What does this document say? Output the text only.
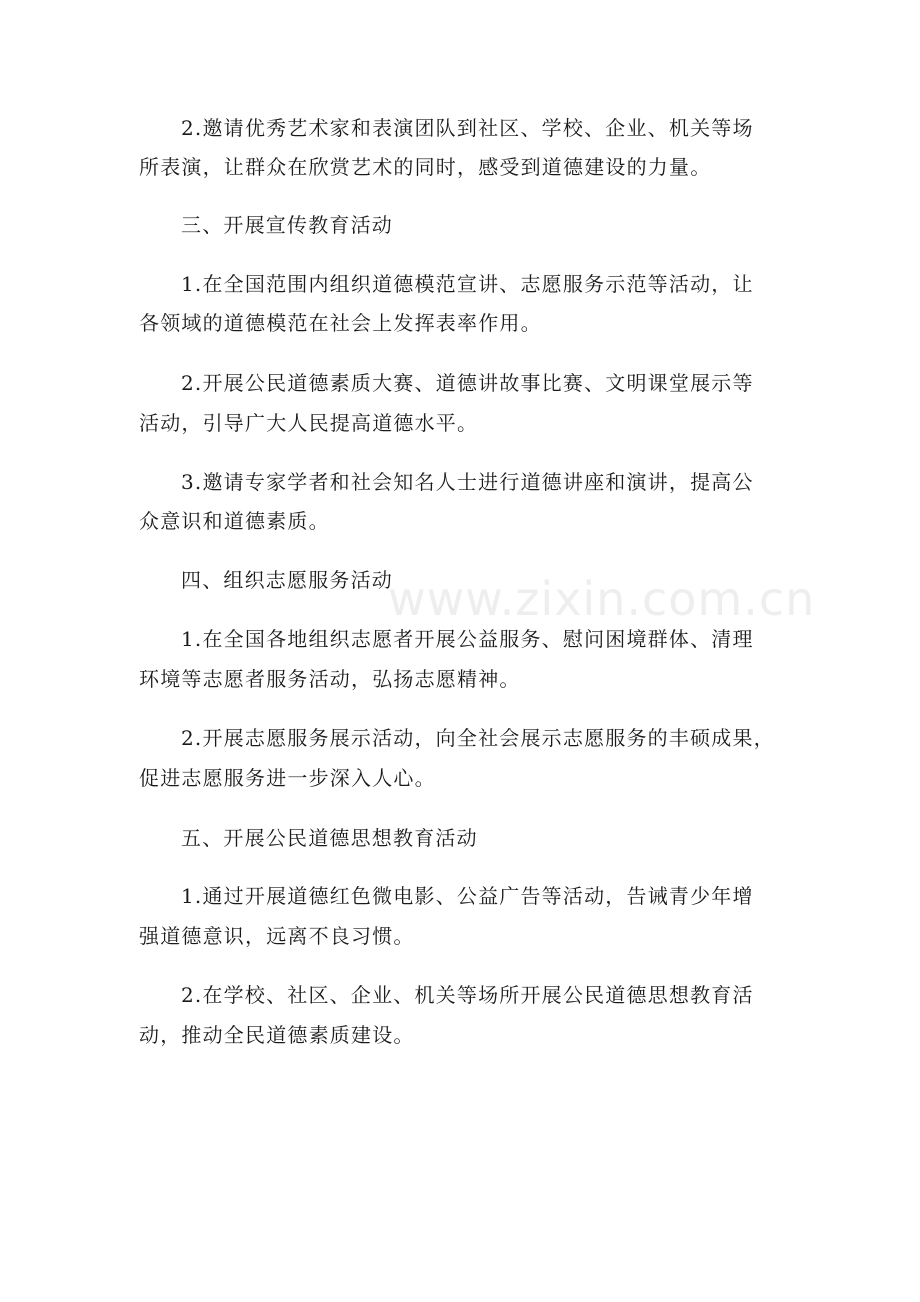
www.zixin.com.cn
2.邀请优秀艺术家和表演团队到社区、学校、企业、机关等场
所表演，让群众在欣赏艺术的同时，感受到道德建设的力量。
三、开展宣传教育活动
1.在全国范围内组织道德模范宣讲、志愿服务示范等活动，让
各领域的道德模范在社会上发挥表率作用。
2.开展公民道德素质大赛、道德讲故事比赛、文明课堂展示等
活动，引导广大人民提高道德水平。
3.邀请专家学者和社会知名人士进行道德讲座和演讲，提高公
众意识和道德素质。
四、组织志愿服务活动
1.在全国各地组织志愿者开展公益服务、慰问困境群体、清理
环境等志愿者服务活动，弘扬志愿精神。
2.开展志愿服务展示活动，向全社会展示志愿服务的丰硕成果，
促进志愿服务进一步深入人心。
五、开展公民道德思想教育活动
1.通过开展道德红色微电影、公益广告等活动，告诫青少年增
强道德意识，远离不良习惯。
2.在学校、社区、企业、机关等场所开展公民道德思想教育活
动，推动全民道德素质建设。
